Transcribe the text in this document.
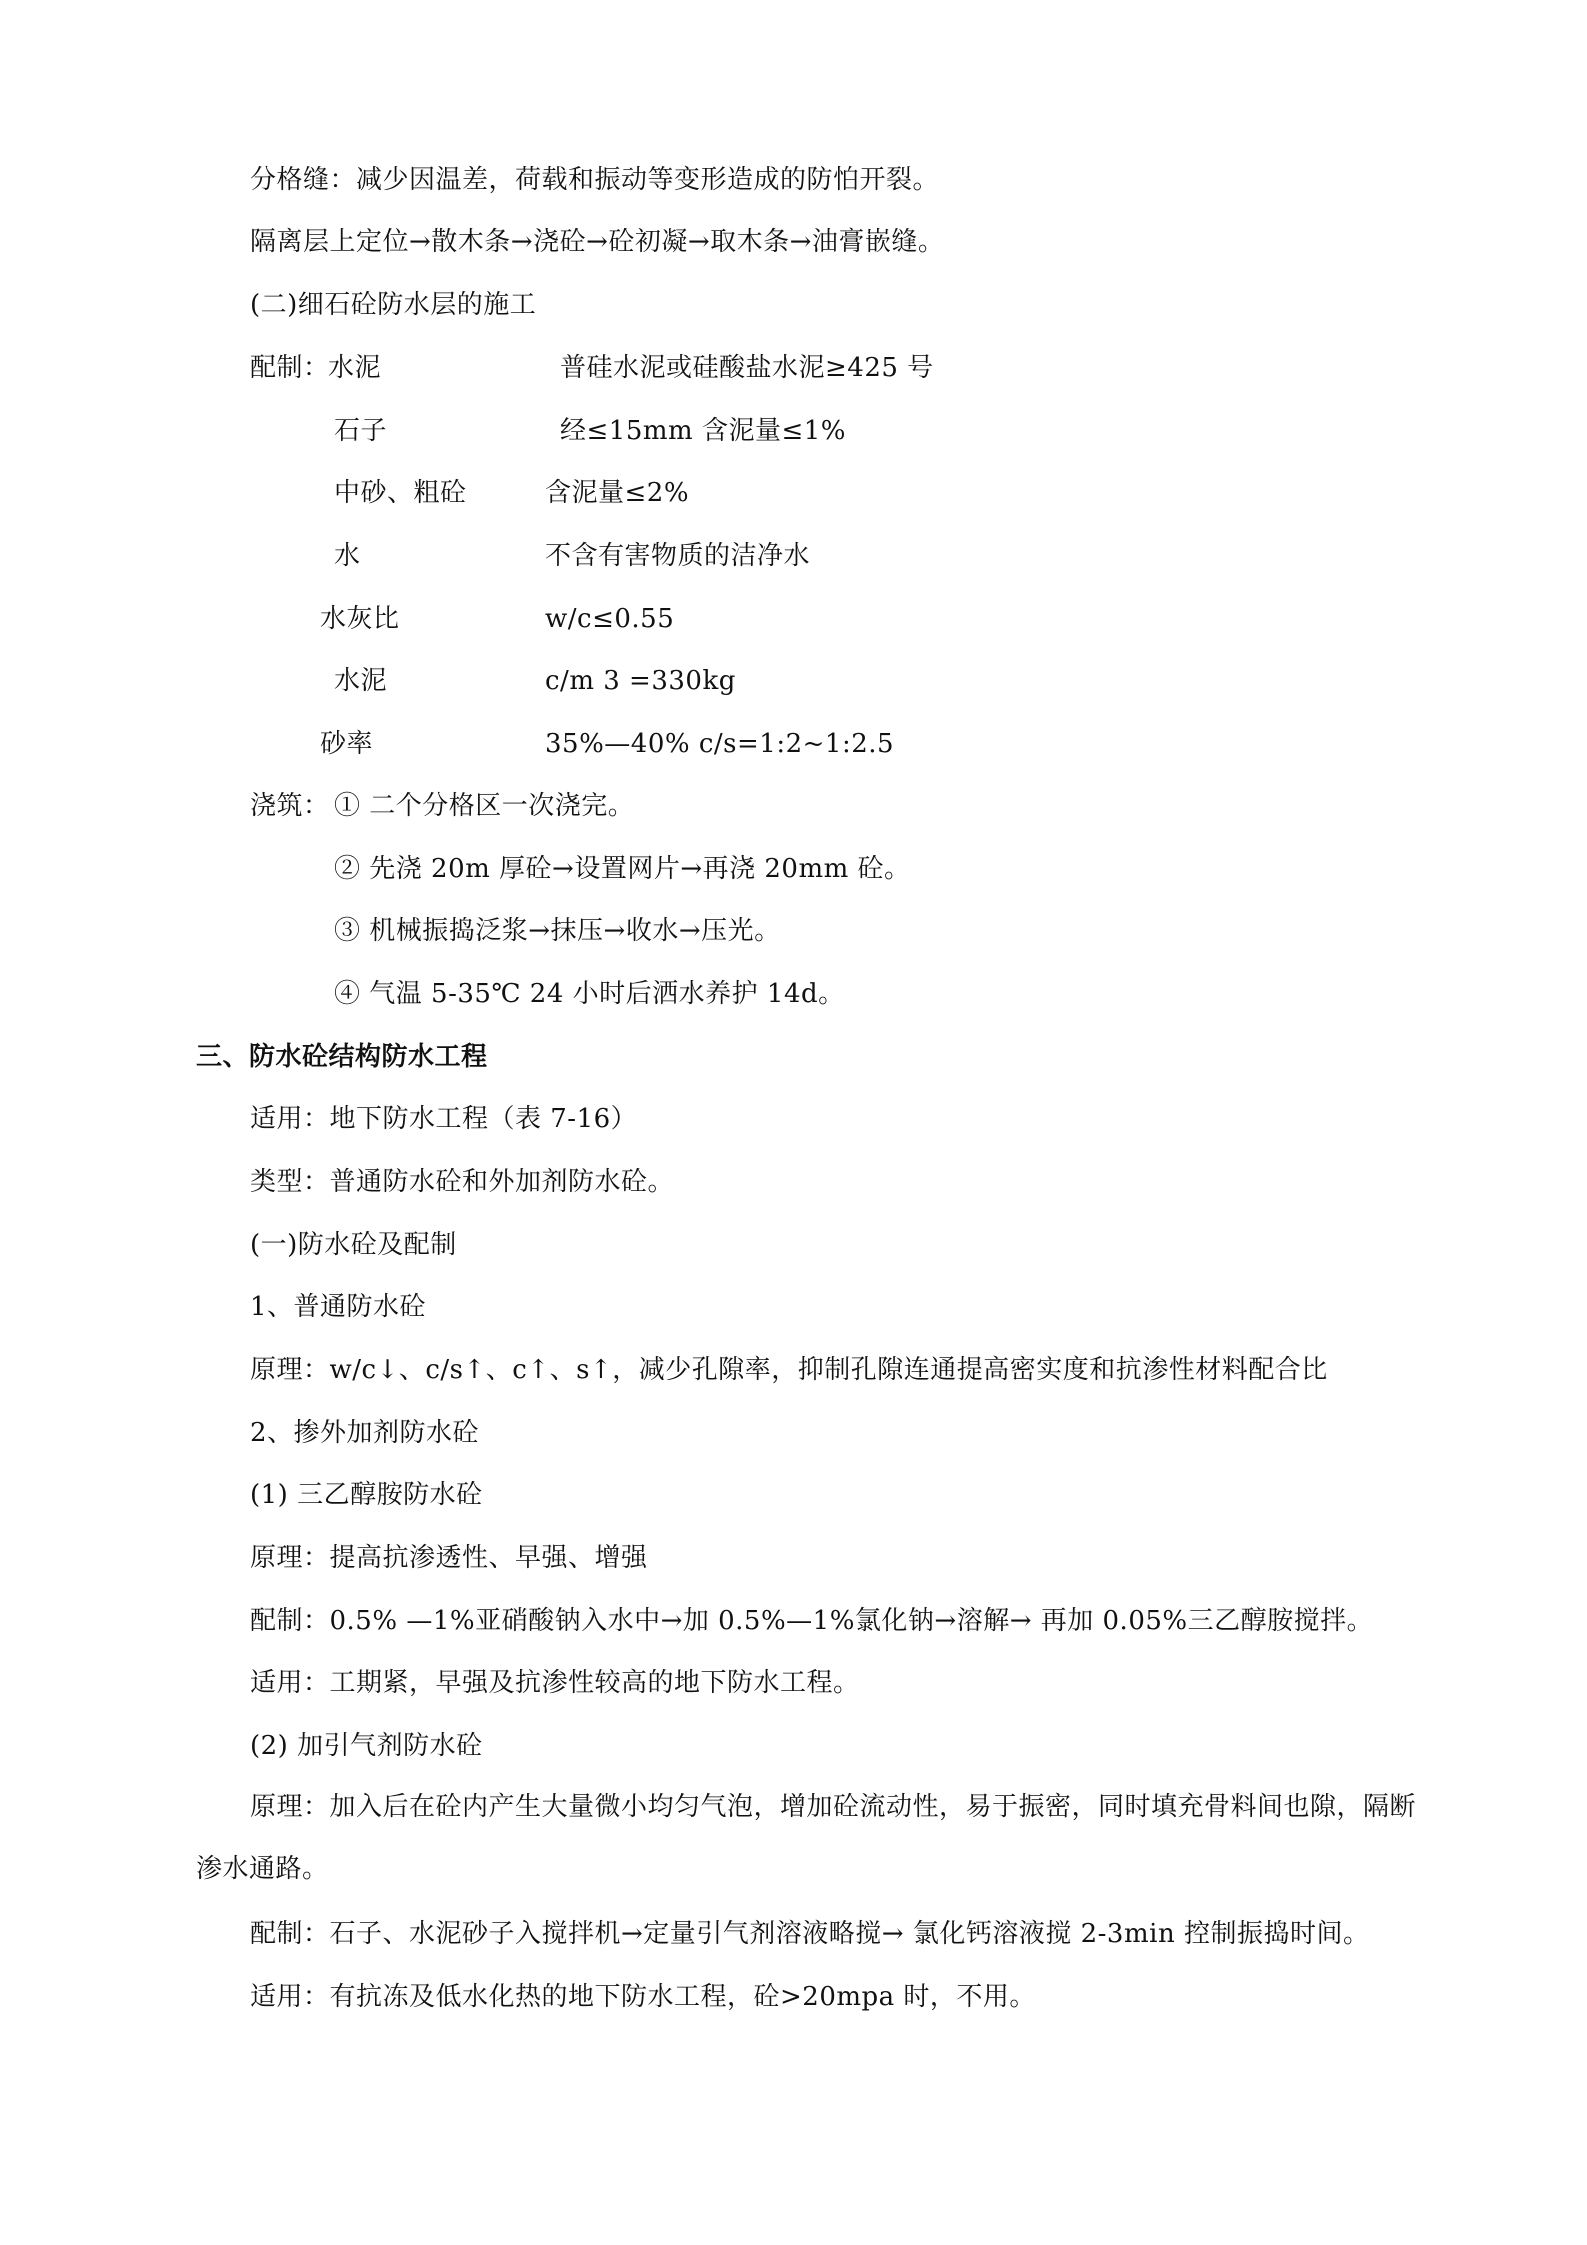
分格缝：减少因温差，荷载和振动等变形造成的防怕开裂。
隔离层上定位→散木条→浇砼→砼初凝→取木条→油膏嵌缝。
(二)细石砼防水层的施工
配制：
水泥	普硅水泥或硅酸盐水泥≥425 号
石子	经≤15mm 含泥量≤1%
中砂、粗砼	含泥量≤2%
水	不含有害物质的洁净水
水灰比	w/c≤0.55
水泥	c/m 3 =330kg
砂率	35%—40% c/s=1:2~1:2.5
浇筑： ① 二个分格区一次浇完。
② 先浇 20m 厚砼→设置网片→再浇 20mm 砼。
③ 机械振捣泛浆→抹压→收水→压光。
④ 气温 5-35℃ 24 小时后洒水养护 14d。
三、防水砼结构防水工程
适用：地下防水工程（表 7-16）
类型：普通防水砼和外加剂防水砼。
(一)防水砼及配制
1、普通防水砼
原理：w/c↓、c/s↑、c↑、s↑，减少孔隙率，抑制孔隙连通提高密实度和抗渗性材料配合比
2、掺外加剂防水砼
(1) 三乙醇胺防水砼
原理：提高抗渗透性、早强、增强
配制：0.5% —1%亚硝酸钠入水中→加 0.5%—1%氯化钠→溶解→ 再加 0.05%三乙醇胺搅拌。
适用：工期紧，早强及抗渗性较高的地下防水工程。
(2) 加引气剂防水砼
原理：加入后在砼内产生大量微小均匀气泡，增加砼流动性，易于振密，同时填充骨料间也隙，隔断渗水通路。
配制：石子、水泥砂子入搅拌机→定量引气剂溶液略搅→ 氯化钙溶液搅 2-3min 控制振捣时间。
适用：有抗冻及低水化热的地下防水工程，砼>20mpa 时，不用。
